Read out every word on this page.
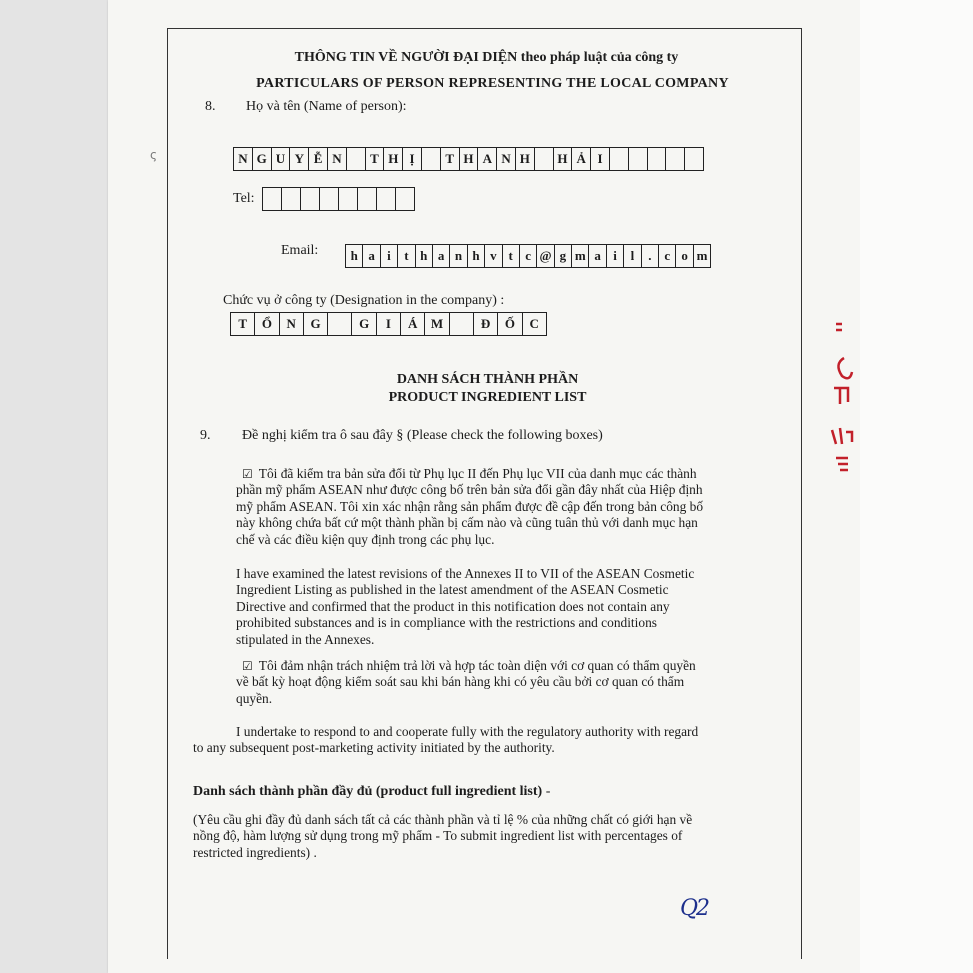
ς
THÔNG TIN VỀ NGƯỜI ĐẠI DIỆN theo pháp luật của công ty
PARTICULARS OF PERSON REPRESENTING THE LOCAL COMPANY
8. Họ và tên (Name of person):
N G U Y Ễ N	T H Ị	T H A N H	H Ả I
Tel:
Email:	h a i	t h a n h v t c @ g m a i	l	. c o m
Chức vụ ở công ty (Designation in the company) :
T	Ổ	N	G	G	I	Á	M	Đ	Ố	C
DANH SÁCH THÀNH PHẦN
PRODUCT INGREDIENT LIST
9. Đề nghị kiểm tra ô sau đây § (Please check the following boxes)
☑ Tôi đã kiểm tra bản sửa đổi từ Phụ lục II đến Phụ lục VII của danh mục các thành
phần mỹ phẩm ASEAN như được công bố trên bản sửa đổi gần đây nhất của Hiệp định
mỹ phẩm ASEAN. Tôi xin xác nhận rằng sản phẩm được đề cập đến trong bản công bố
này không chứa bất cứ một thành phần bị cấm nào và cũng tuân thủ với danh mục hạn
chế và các điều kiện quy định trong các phụ lục.
I have examined the latest revisions of the Annexes II to VII of the ASEAN Cosmetic
Ingredient Listing as published in the latest amendment of the ASEAN Cosmetic
Directive and confirmed that the product in this notification does not contain any
prohibited substances and is in compliance with the restrictions and conditions
stipulated in the Annexes.
☑ Tôi đảm nhận trách nhiệm trả lời và hợp tác toàn diện với cơ quan có thẩm quyền
về bất kỳ hoạt động kiểm soát sau khi bán hàng khi có yêu cầu bởi cơ quan có thẩm
quyền.
I undertake to respond to and cooperate fully with the regulatory authority with regard
to any subsequent post-marketing activity initiated by the authority.
Danh sách thành phần đầy đủ (product full ingredient list) -
(Yêu cầu ghi đầy đủ danh sách tất cả các thành phần và tỉ lệ % của những chất có giới hạn về
nồng độ, hàm lượng sử dụng trong mỹ phẩm - To submit ingredient list with percentages of
restricted ingredients) .
Q2
